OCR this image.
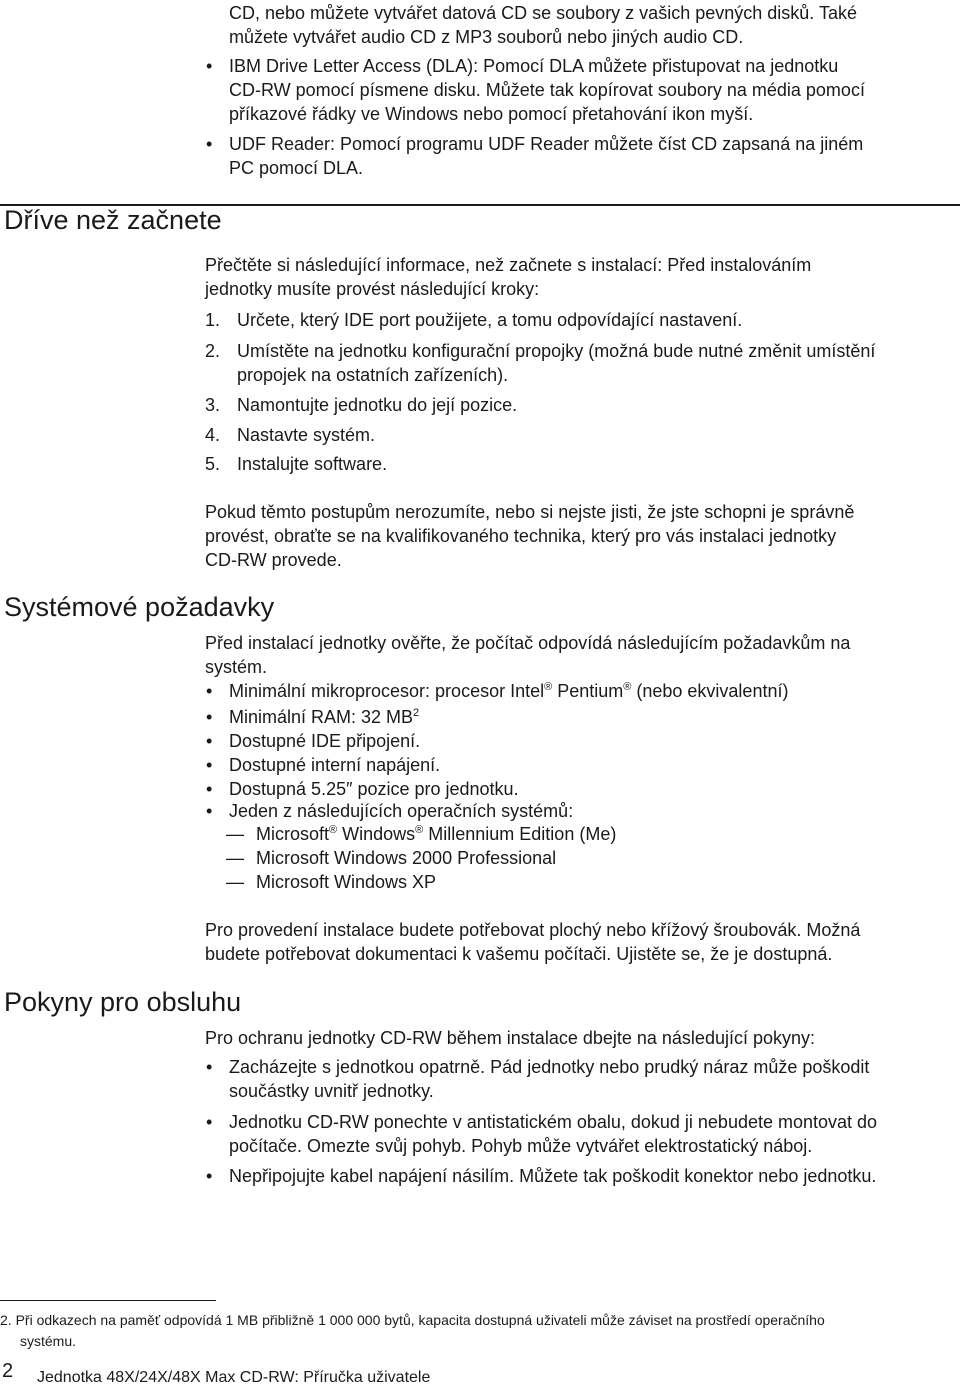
CD, nebo můžete vytvářet datová CD se soubory z vašich pevných disků. Také
můžete vytvářet audio CD z MP3 souborů nebo jiných audio CD.
• IBM Drive Letter Access (DLA): Pomocí DLA můžete přistupovat na jednotku
CD-RW pomocí písmene disku. Můžete tak kopírovat soubory na média pomocí
příkazové řádky ve Windows nebo pomocí přetahování ikon myší.
• UDF Reader: Pomocí programu UDF Reader můžete číst CD zapsaná na jiném
PC pomocí DLA.
Dříve než začnete
Přečtěte si následující informace, než začnete s instalací: Před instalováním
jednotky musíte provést následující kroky:
1. Určete, který IDE port použijete, a tomu odpovídající nastavení.
2. Umístěte na jednotku konfigurační propojky (možná bude nutné změnit umístění
propojek na ostatních zařízeních).
3. Namontujte jednotku do její pozice.
4. Nastavte systém.
5. Instalujte software.
Pokud těmto postupům nerozumíte, nebo si nejste jisti, že jste schopni je správně
provést, obraťte se na kvalifikovaného technika, který pro vás instalaci jednotky
CD-RW provede.
Systémové požadavky
Před instalací jednotky ověřte, že počítač odpovídá následujícím požadavkům na
systém.
• Minimální mikroprocesor: procesor Intel® Pentium® (nebo ekvivalentní)
• Minimální RAM: 32 $MB^2$
• Dostupné IDE připojení.
• Dostupné interní napájení.
• Dostupná 5.25″ pozice pro jednotku.
• Jeden z následujících operačních systémů:
— Microsoft® Windows® Millennium Edition (Me)
— Microsoft Windows 2000 Professional
— Microsoft Windows XP
Pro provedení instalace budete potřebovat plochý nebo křížový šroubovák. Možná
budete potřebovat dokumentaci k vašemu počítači. Ujistěte se, že je dostupná.
Pokyny pro obsluhu
Pro ochranu jednotky CD-RW během instalace dbejte na následující pokyny:
• Zacházejte s jednotkou opatrně. Pád jednotky nebo prudký náraz může poškodit
součástky uvnitř jednotky.
• Jednotku CD-RW ponechte v antistatickém obalu, dokud ji nebudete montovat do
počítače. Omezte svůj pohyb. Pohyb může vytvářet elektrostatický náboj.
• Nepřipojujte kabel napájení násilím. Můžete tak poškodit konektor nebo jednotku.
2. Při odkazech na paměť odpovídá 1 MB přibližně 1 000 000 bytů, kapacita dostupná uživateli může záviset na prostředí operačního
systému.
2 Jednotka 48X/24X/48X Max CD-RW: Příručka uživatele
